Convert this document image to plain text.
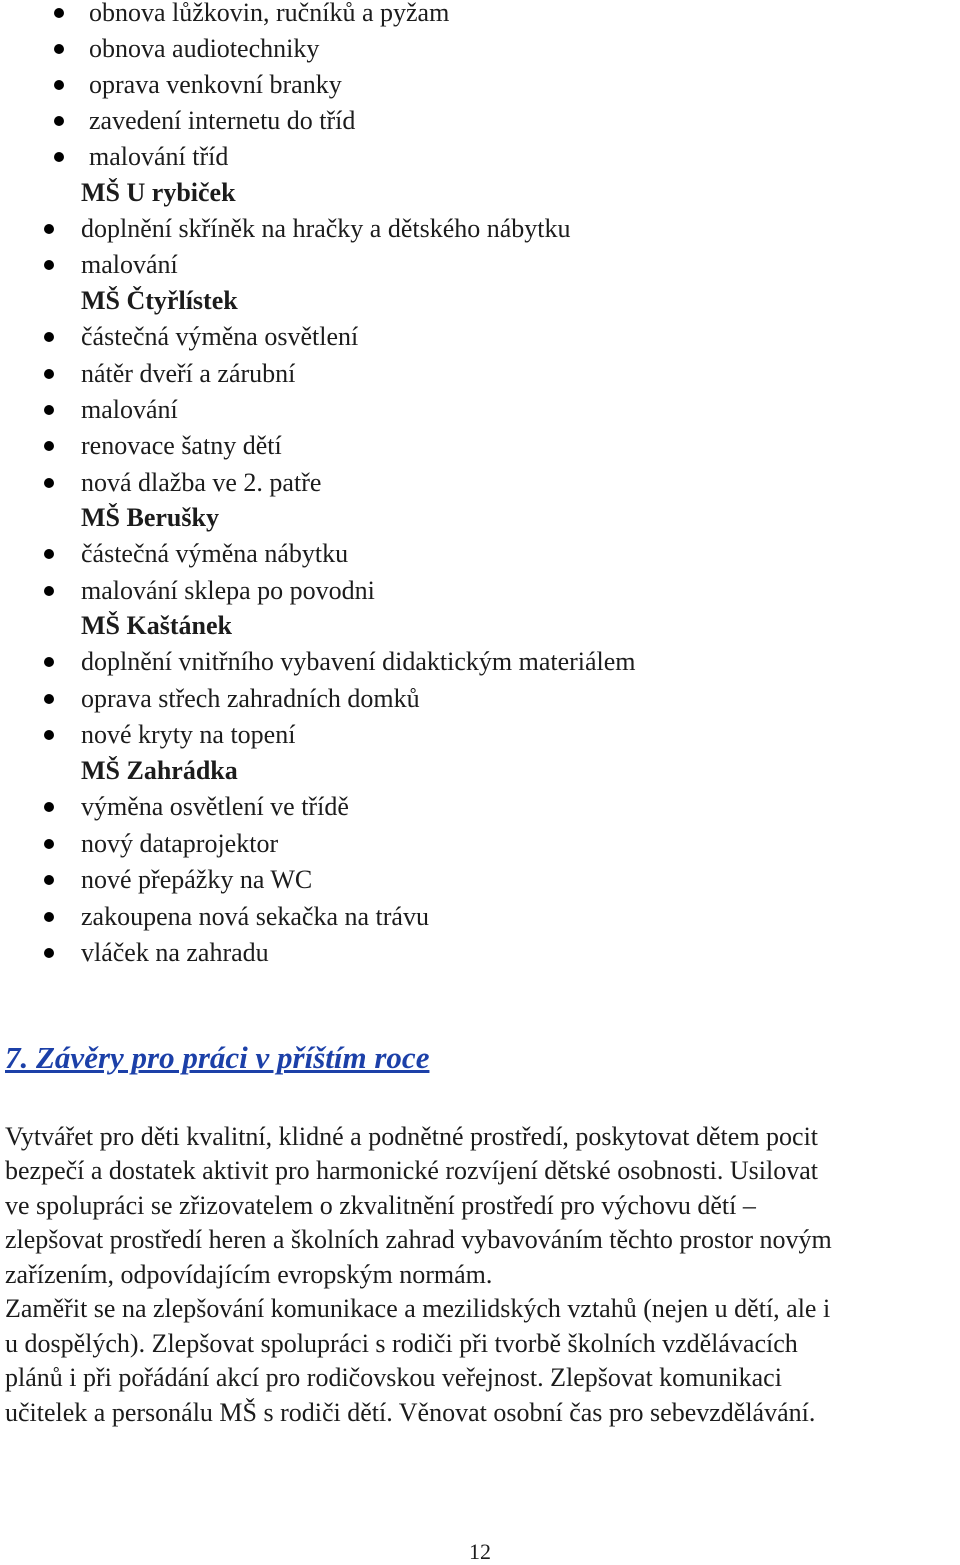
obnova lůžkovin, ručníků a pyžam
obnova audiotechniky
oprava venkovní branky
zavedení internetu do tříd
malování tříd
MŠ U rybiček
doplnění skříněk na hračky a dětského nábytku
malování
MŠ Čtyřlístek
částečná výměna osvětlení
nátěr dveří a zárubní
malování
renovace šatny dětí
nová dlažba ve 2. patře
MŠ Berušky
částečná výměna nábytku
malování sklepa po povodni
MŠ Kaštánek
doplnění vnitřního vybavení didaktickým materiálem
oprava střech zahradních domků
nové kryty na topení
MŠ Zahrádka
výměna osvětlení ve třídě
nový dataprojektor
nové přepážky na WC
zakoupena nová sekačka na trávu
vláček na zahradu
7. Závěry pro práci v příštím roce
Vytvářet pro děti kvalitní, klidné a podnětné prostředí, poskytovat dětem pocit
bezpečí a dostatek aktivit pro harmonické rozvíjení dětské osobnosti. Usilovat
ve spolupráci se zřizovatelem o zkvalitnění prostředí pro výchovu dětí –
zlepšovat prostředí heren a školních zahrad vybavováním těchto prostor novým
zařízením, odpovídajícím evropským normám.
Zaměřit se na zlepšování komunikace a mezilidských vztahů (nejen u dětí, ale i
u dospělých). Zlepšovat spolupráci s rodiči při tvorbě školních vzdělávacích
plánů i při pořádání akcí pro rodičovskou veřejnost. Zlepšovat komunikaci
učitelek a personálu MŠ s rodiči dětí. Věnovat osobní čas pro sebevzdělávání.
12
